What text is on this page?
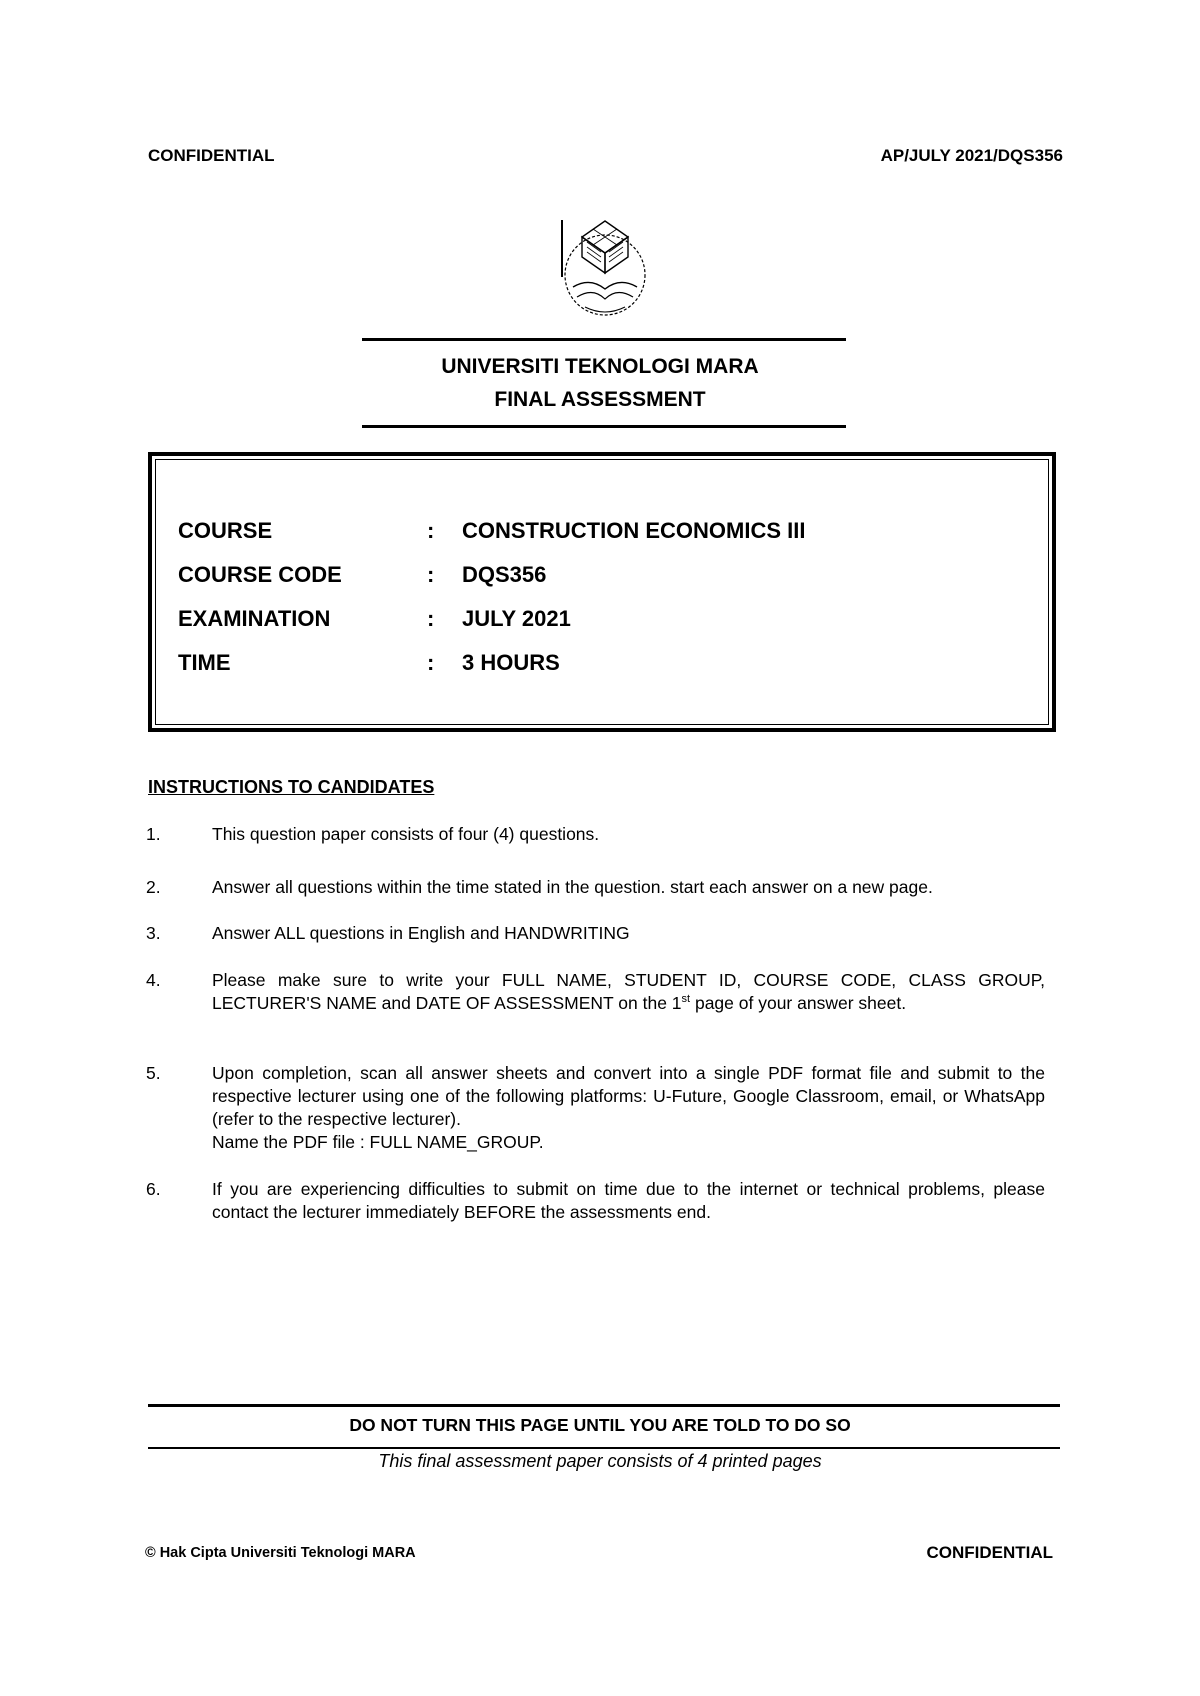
CONFIDENTIAL	AP/JULY 2021/DQS356
UNIVERSITI TEKNOLOGI MARA
FINAL ASSESSMENT
COURSE	: CONSTRUCTION ECONOMICS III
COURSE CODE	: DQS356
EXAMINATION	: JULY 2021
TIME	: 3 HOURS
INSTRUCTIONS TO CANDIDATES
1.	This question paper consists of four (4) questions.
2.	Answer all questions within the time stated in the question. start each answer on a new page.
3.	Answer ALL questions in English and HANDWRITING
4.	Please make sure to write your FULL NAME, STUDENT ID, COURSE CODE, CLASS GROUP, LECTURER'S NAME and DATE OF ASSESSMENT on the 1st page of your answer sheet.
5.	Upon completion, scan all answer sheets and convert into a single PDF format file and submit to the respective lecturer using one of the following platforms: U-Future, Google Classroom, email, or WhatsApp (refer to the respective lecturer).
Name the PDF file : FULL NAME_GROUP.
6.	If you are experiencing difficulties to submit on time due to the internet or technical problems, please contact the lecturer immediately BEFORE the assessments end.
DO NOT TURN THIS PAGE UNTIL YOU ARE TOLD TO DO SO
This final assessment paper consists of 4 printed pages
© Hak Cipta Universiti Teknologi MARA	CONFIDENTIAL
